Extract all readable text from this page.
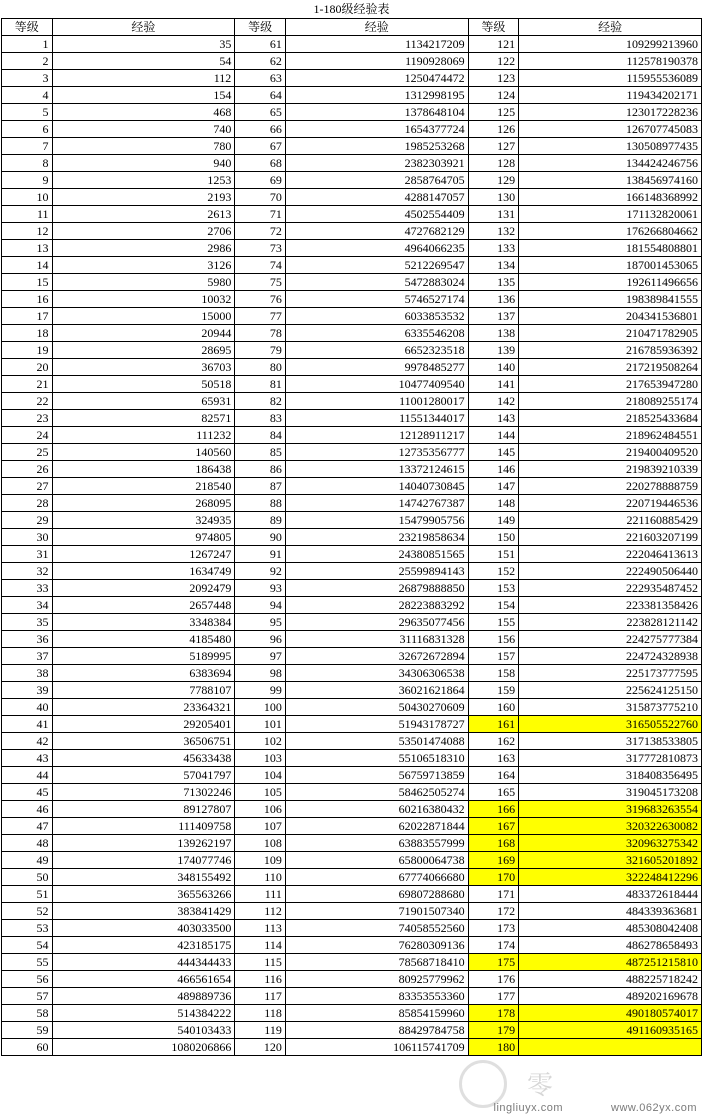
1-180级经验表
等级	经验	等级	经验	等级	经验
1	35	61	1134217209	121	109299213960
2	54	62	1190928069	122	112578190378
3	112	63	1250474472	123	115955536089
4	154	64	1312998195	124	119434202171
5	468	65	1378648104	125	123017228236
6	740	66	1654377724	126	126707745083
7	780	67	1985253268	127	130508977435
8	940	68	2382303921	128	134424246756
9	1253	69	2858764705	129	138456974160
10	2193	70	4288147057	130	166148368992
11	2613	71	4502554409	131	171132820061
12	2706	72	4727682129	132	176266804662
13	2986	73	4964066235	133	181554808801
14	3126	74	5212269547	134	187001453065
15	5980	75	5472883024	135	192611496656
16	10032	76	5746527174	136	198389841555
17	15000	77	6033853532	137	204341536801
18	20944	78	6335546208	138	210471782905
19	28695	79	6652323518	139	216785936392
20	36703	80	9978485277	140	217219508264
21	50518	81	10477409540	141	217653947280
22	65931	82	11001280017	142	218089255174
23	82571	83	11551344017	143	218525433684
24	111232	84	12128911217	144	218962484551
25	140560	85	12735356777	145	219400409520
26	186438	86	13372124615	146	219839210339
27	218540	87	14040730845	147	220278888759
28	268095	88	14742767387	148	220719446536
29	324935	89	15479905756	149	221160885429
30	974805	90	23219858634	150	221603207199
31	1267247	91	24380851565	151	222046413613
32	1634749	92	25599894143	152	222490506440
33	2092479	93	26879888850	153	222935487452
34	2657448	94	28223883292	154	223381358426
35	3348384	95	29635077456	155	223828121142
36	4185480	96	31116831328	156	224275777384
37	5189995	97	32672672894	157	224724328938
38	6383694	98	34306306538	158	225173777595
39	7788107	99	36021621864	159	225624125150
40	23364321	100	50430270609	160	315873775210
41	29205401	101	51943178727	161	316505522760
42	36506751	102	53501474088	162	317138533805
43	45633438	103	55106518310	163	317772810873
44	57041797	104	56759713859	164	318408356495
45	71302246	105	58462505274	165	319045173208
46	89127807	106	60216380432	166	319683263554
47	111409758	107	62022871844	167	320322630082
48	139262197	108	63883557999	168	320963275342
49	174077746	109	65800064738	169	321605201892
50	348155492	110	67774066680	170	322248412296
51	365563266	111	69807288680	171	483372618444
52	383841429	112	71901507340	172	484339363681
53	403033500	113	74058552560	173	485308042408
54	423185175	114	76280309136	174	486278658493
55	444344433	115	78568718410	175	487251215810
56	466561654	116	80925779962	176	488225718242
57	489889736	117	83353553360	177	489202169678
58	514384222	118	85854159960	178	490180574017
59	540103433	119	88429784758	179	491160935165
60	1080206866	120	106115741709	180	
零
lingliuyx.com	www.062yx.com
